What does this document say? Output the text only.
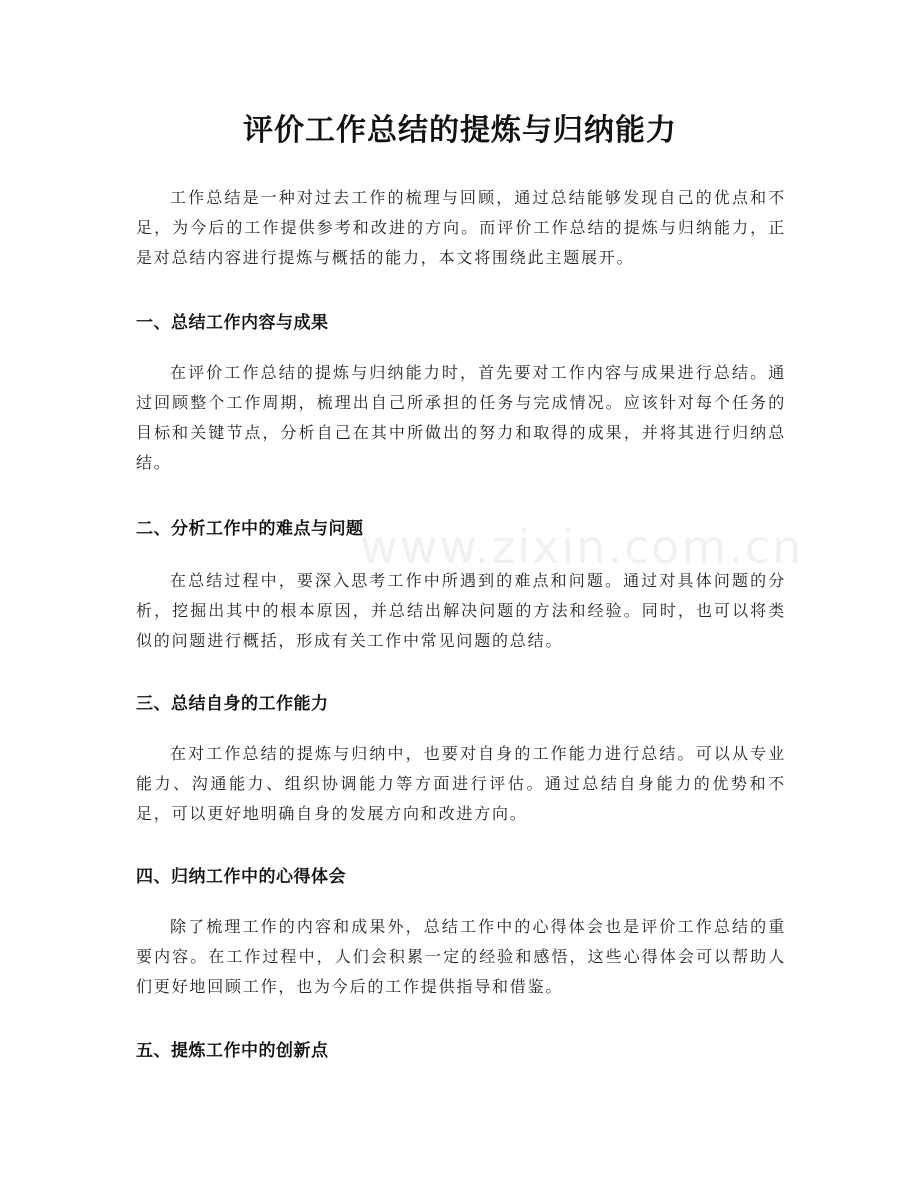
评价工作总结的提炼与归纳能力

工作总结是一种对过去工作的梳理与回顾，通过总结能够发现自己的优点和不足，为今后的工作提供参考和改进的方向。而评价工作总结的提炼与归纳能力，正是对总结内容进行提炼与概括的能力，本文将围绕此主题展开。

一、总结工作内容与成果

在评价工作总结的提炼与归纳能力时，首先要对工作内容与成果进行总结。通过回顾整个工作周期，梳理出自己所承担的任务与完成情况。应该针对每个任务的目标和关键节点，分析自己在其中所做出的努力和取得的成果，并将其进行归纳总结。

二、分析工作中的难点与问题

在总结过程中，要深入思考工作中所遇到的难点和问题。通过对具体问题的分析，挖掘出其中的根本原因，并总结出解决问题的方法和经验。同时，也可以将类似的问题进行概括，形成有关工作中常见问题的总结。

三、总结自身的工作能力

在对工作总结的提炼与归纳中，也要对自身的工作能力进行总结。可以从专业能力、沟通能力、组织协调能力等方面进行评估。通过总结自身能力的优势和不足，可以更好地明确自身的发展方向和改进方向。

四、归纳工作中的心得体会

除了梳理工作的内容和成果外，总结工作中的心得体会也是评价工作总结的重要内容。在工作过程中，人们会积累一定的经验和感悟，这些心得体会可以帮助人们更好地回顾工作，也为今后的工作提供指导和借鉴。

五、提炼工作中的创新点
www.zixin.com.cn
